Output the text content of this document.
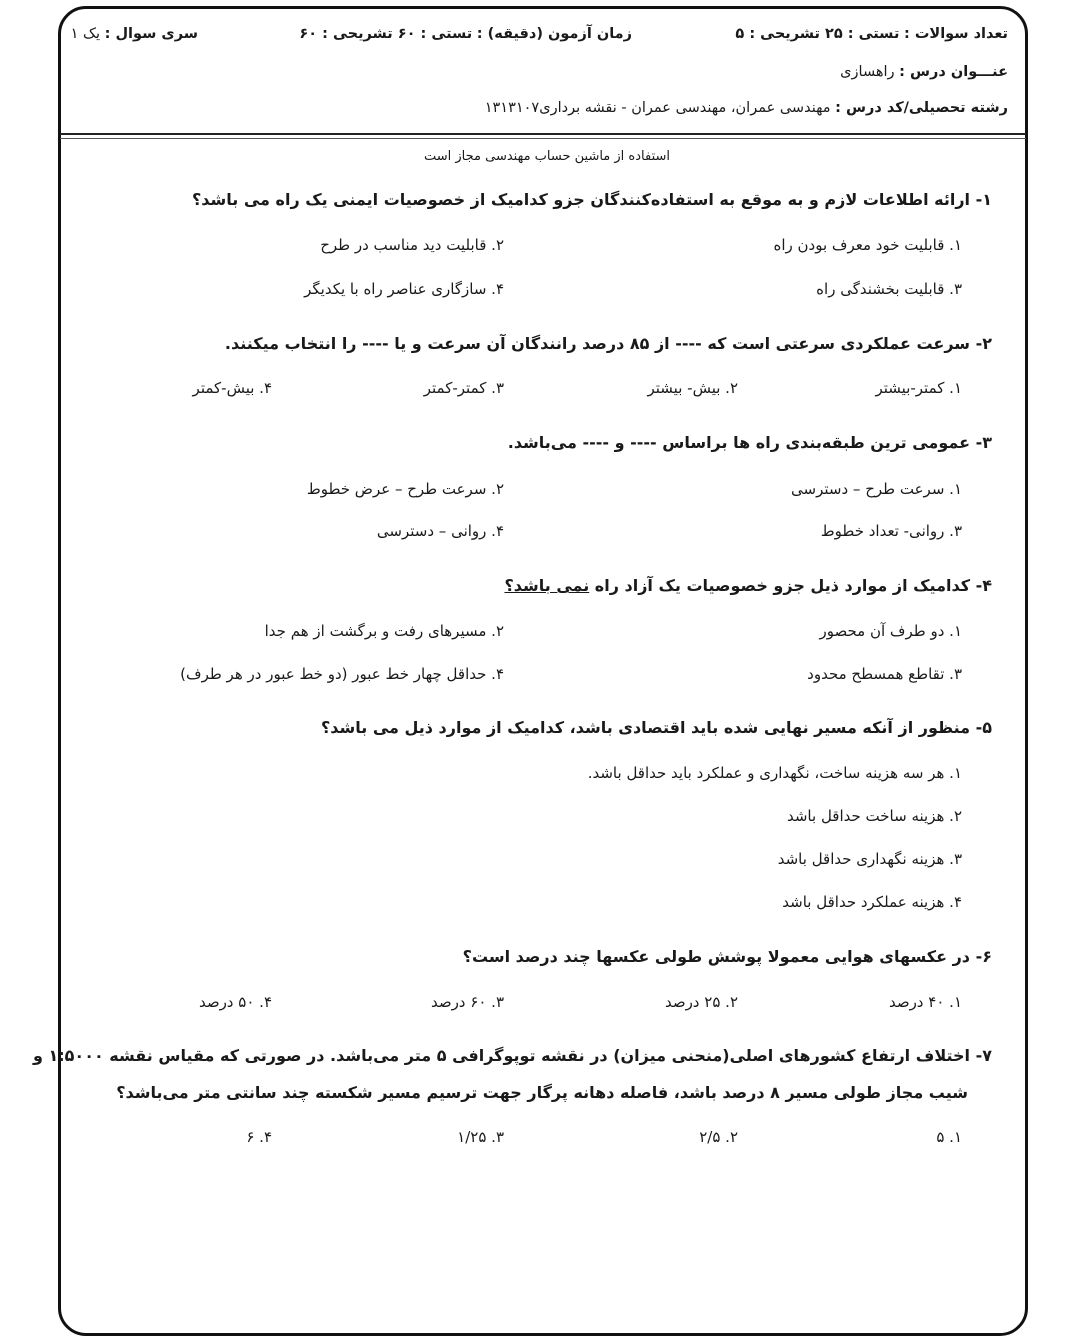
تعداد سوالات : تستی : ۲۵ تشریحی : ۵
زمان آزمون (دقیقه) : تستی : ۶۰ تشریحی : ۶۰
سری سوال : یک ۱
عنـــوان درس : راهسازی
رشته تحصیلی/کد درس : مهندسی عمران، مهندسی عمران - نقشه برداری۱۳۱۳۱۰۷
استفاده از ماشین حساب مهندسی مجاز است
۱- ارائه اطلاعات لازم و به موقع به استفاده‌کنندگان جزو کدامیک از خصوصیات ایمنی یک راه می باشد؟
۱. قابلیت خود معرف بودن راه
۲. قابلیت دید مناسب در طرح
۳. قابلیت بخشندگی راه
۴. سازگاری عناصر راه با یکدیگر
۲- سرعت عملکردی سرعتی است که ---- از ۸۵ درصد رانندگان آن سرعت و یا ---- را انتخاب میکنند.
۱. کمتر-بیشتر
۲. بیش- بیشتر
۳. کمتر-کمتر
۴. بیش-کمتر
۳- عمومی ترین طبقه‌بندی راه ها براساس ---- و ---- می‌باشد.
۱. سرعت طرح – دسترسی
۲. سرعت طرح – عرض خطوط
۳. روانی- تعداد خطوط
۴. روانی – دسترسی
۴- کدامیک از موارد ذیل جزو خصوصیات یک آزاد راه نمی باشد؟
۱. دو طرف آن محصور
۲. مسیرهای رفت و برگشت از هم جدا
۳. تقاطع همسطح محدود
۴. حداقل چهار خط عبور (دو خط عبور در هر طرف)
۵- منظور از آنکه مسیر نهایی شده باید اقتصادی باشد، کدامیک از موارد ذیل می باشد؟
۱. هر سه هزینه ساخت، نگهداری و عملکرد باید حداقل باشد.
۲. هزینه ساخت حداقل باشد
۳. هزینه نگهداری حداقل باشد
۴. هزینه عملکرد حداقل باشد
۶- در عکسهای هوایی معمولا پوشش طولی عکسها چند درصد است؟
۱. ۴۰ درصد
۲. ۲۵ درصد
۳. ۶۰ درصد
۴. ۵۰ درصد
۷- اختلاف ارتفاع کشورهای اصلی(منحنی میزان) در نقشه توپوگرافی ۵ متر می‌باشد. در صورتی که مقیاس نقشه ۱:۵۰۰۰ و
شیب مجاز طولی مسیر ۸ درصد باشد، فاصله دهانه پرگار جهت ترسیم مسیر شکسته چند سانتی متر می‌باشد؟
۱. ۵
۲. ۲/۵
۳. ۱/۲۵
۴. ۶
